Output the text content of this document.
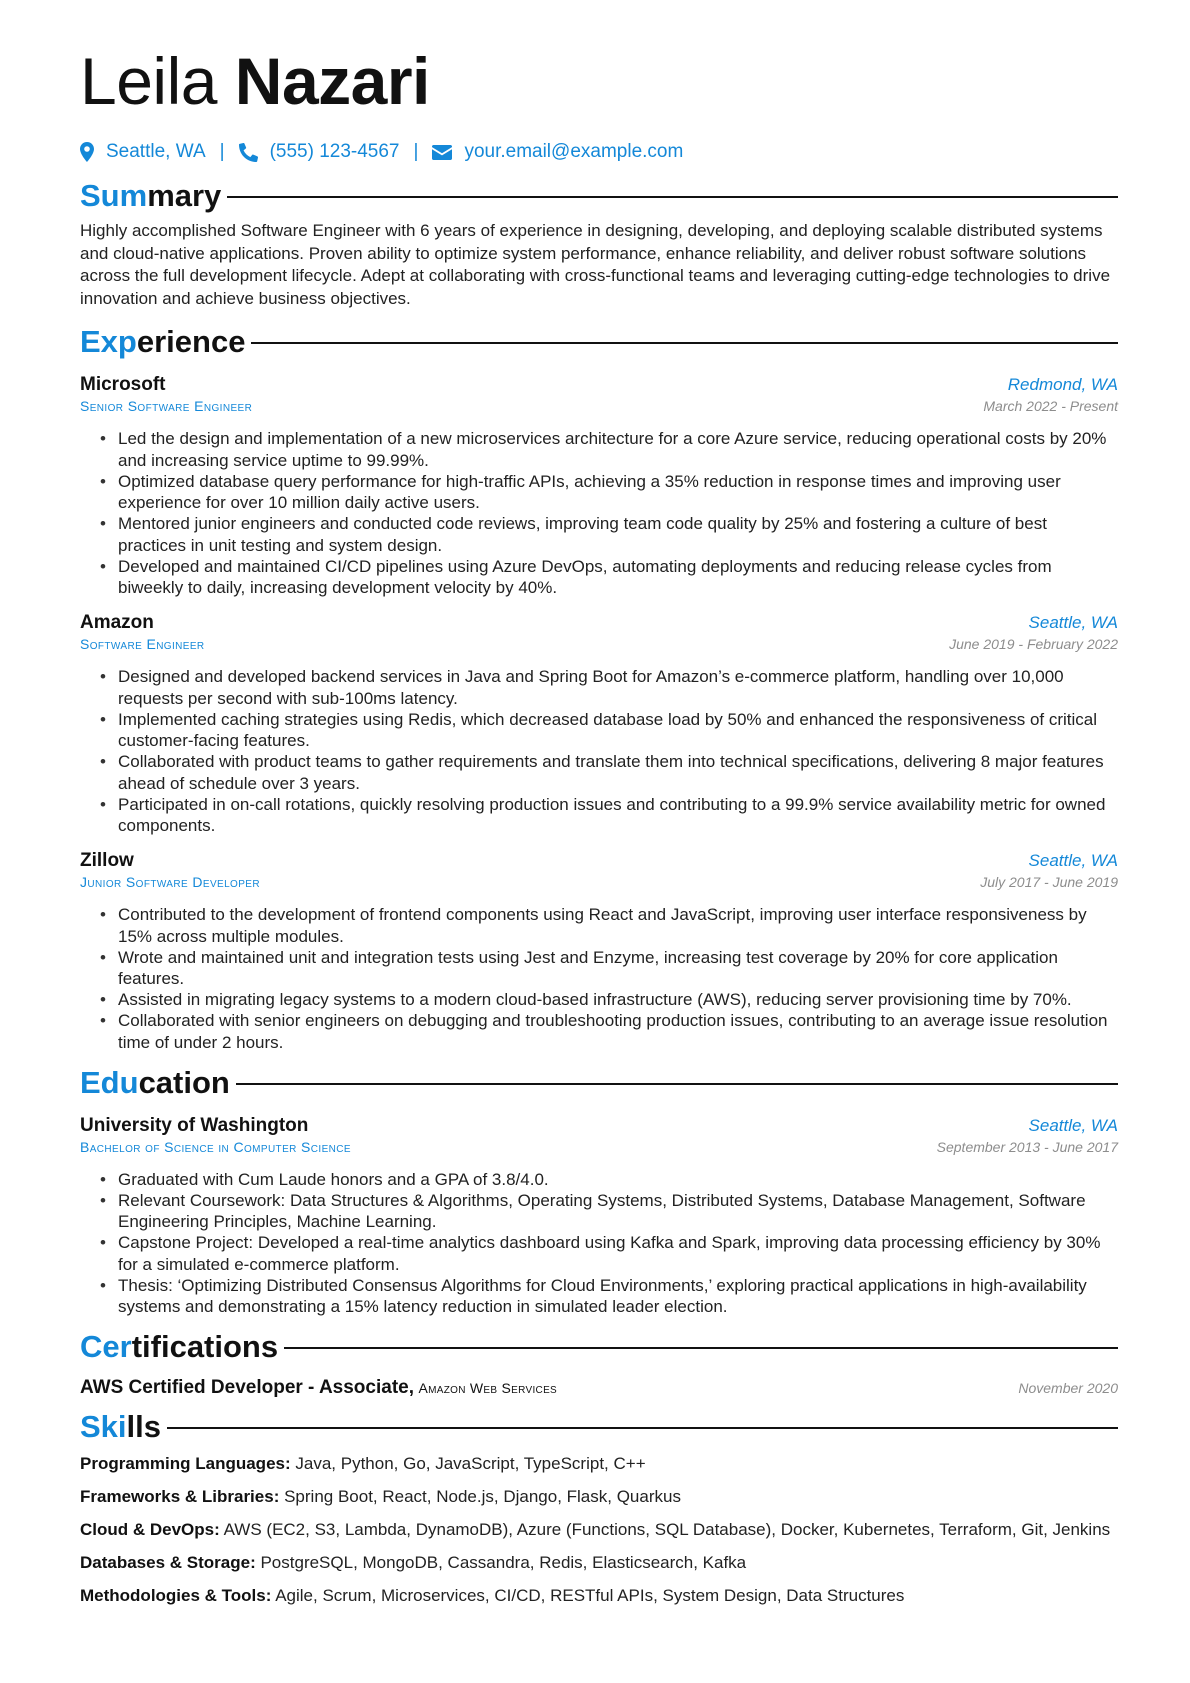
Leila Nazari
Seattle, WA | (555) 123-4567 | your.email@example.com
Summary
Highly accomplished Software Engineer with 6 years of experience in designing, developing, and deploying scalable distributed systems and cloud-native applications. Proven ability to optimize system performance, enhance reliability, and deliver robust software solutions across the full development lifecycle. Adept at collaborating with cross-functional teams and leveraging cutting-edge technologies to drive innovation and achieve business objectives.
Experience
Microsoft	Redmond, WA
Senior Software Engineer	March 2022 - Present
• Led the design and implementation of a new microservices architecture for a core Azure service, reducing operational costs by 20% and increasing service uptime to 99.99%.
• Optimized database query performance for high-traffic APIs, achieving a 35% reduction in response times and improving user experience for over 10 million daily active users.
• Mentored junior engineers and conducted code reviews, improving team code quality by 25% and fostering a culture of best practices in unit testing and system design.
• Developed and maintained CI/CD pipelines using Azure DevOps, automating deployments and reducing release cycles from biweekly to daily, increasing development velocity by 40%.
Amazon	Seattle, WA
Software Engineer	June 2019 - February 2022
• Designed and developed backend services in Java and Spring Boot for Amazon’s e-commerce platform, handling over 10,000 requests per second with sub-100ms latency.
• Implemented caching strategies using Redis, which decreased database load by 50% and enhanced the responsiveness of critical customer-facing features.
• Collaborated with product teams to gather requirements and translate them into technical specifications, delivering 8 major features ahead of schedule over 3 years.
• Participated in on-call rotations, quickly resolving production issues and contributing to a 99.9% service availability metric for owned components.
Zillow	Seattle, WA
Junior Software Developer	July 2017 - June 2019
• Contributed to the development of frontend components using React and JavaScript, improving user interface responsiveness by 15% across multiple modules.
• Wrote and maintained unit and integration tests using Jest and Enzyme, increasing test coverage by 20% for core application features.
• Assisted in migrating legacy systems to a modern cloud-based infrastructure (AWS), reducing server provisioning time by 70%.
• Collaborated with senior engineers on debugging and troubleshooting production issues, contributing to an average issue resolution time of under 2 hours.
Education
University of Washington	Seattle, WA
Bachelor of Science in Computer Science	September 2013 - June 2017
• Graduated with Cum Laude honors and a GPA of 3.8/4.0.
• Relevant Coursework: Data Structures & Algorithms, Operating Systems, Distributed Systems, Database Management, Software Engineering Principles, Machine Learning.
• Capstone Project: Developed a real-time analytics dashboard using Kafka and Spark, improving data processing efficiency by 30% for a simulated e-commerce platform.
• Thesis: ‘Optimizing Distributed Consensus Algorithms for Cloud Environments,’ exploring practical applications in high-availability systems and demonstrating a 15% latency reduction in simulated leader election.
Certifications
AWS Certified Developer - Associate, Amazon Web Services	November 2020
Skills
Programming Languages: Java, Python, Go, JavaScript, TypeScript, C++
Frameworks & Libraries: Spring Boot, React, Node.js, Django, Flask, Quarkus
Cloud & DevOps: AWS (EC2, S3, Lambda, DynamoDB), Azure (Functions, SQL Database), Docker, Kubernetes, Terraform, Git, Jenkins
Databases & Storage: PostgreSQL, MongoDB, Cassandra, Redis, Elasticsearch, Kafka
Methodologies & Tools: Agile, Scrum, Microservices, CI/CD, RESTful APIs, System Design, Data Structures
